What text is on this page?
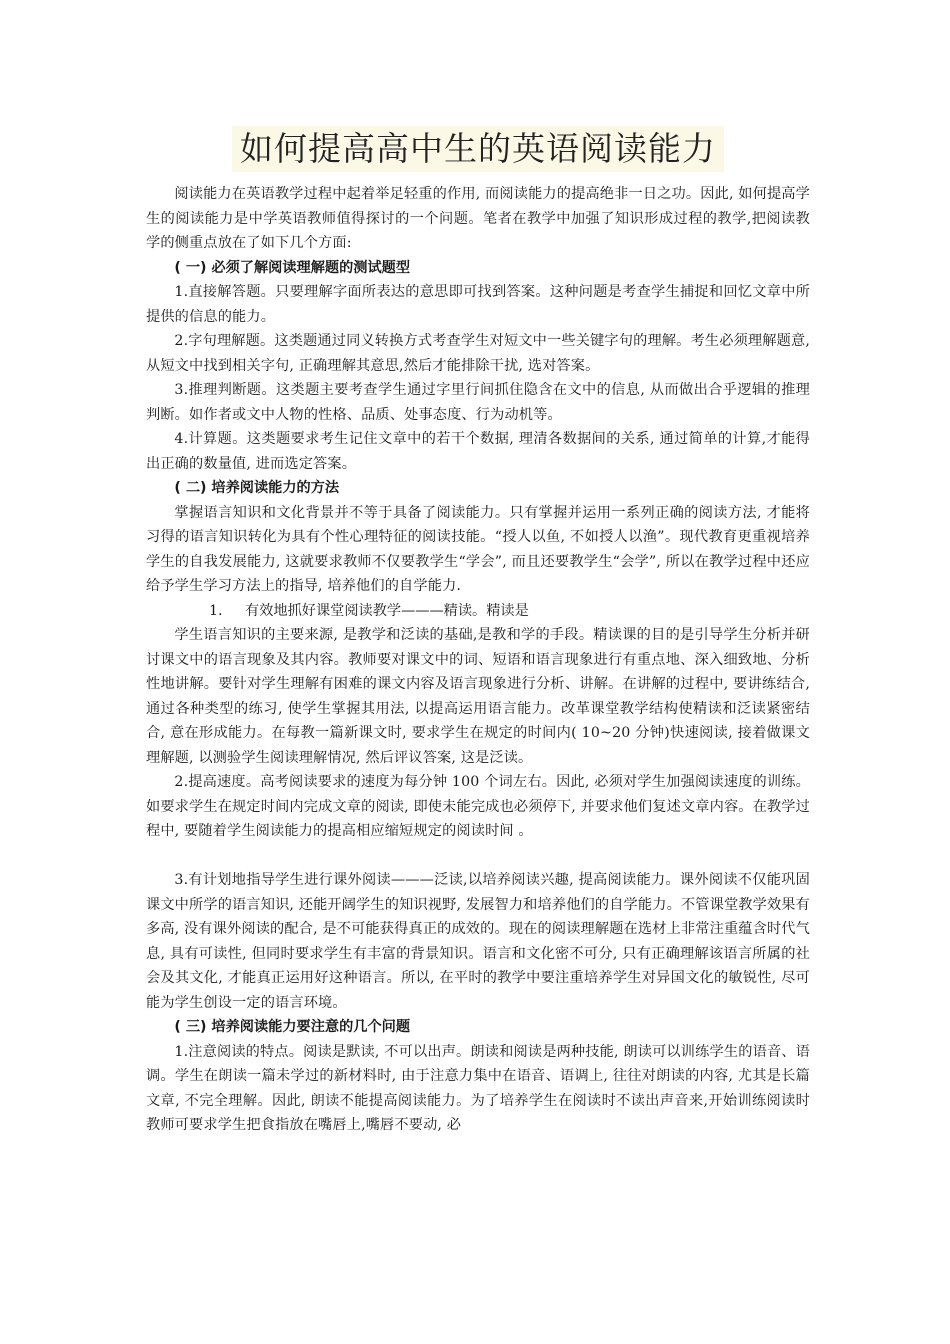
如何提高高中生的英语阅读能力

阅读能力在英语教学过程中起着举足轻重的作用, 而阅读能力的提高绝非一日之功。因此, 如何提高学生的阅读能力是中学英语教师值得探讨的一个问题。笔者在教学中加强了知识形成过程的教学,把阅读教学的侧重点放在了如下几个方面:

( 一) 必须了解阅读理解题的测试题型

1.直接解答题。只要理解字面所表达的意思即可找到答案。这种问题是考查学生捕捉和回忆文章中所提供的信息的能力。

2.字句理解题。这类题通过同义转换方式考查学生对短文中一些关键字句的理解。考生必须理解题意, 从短文中找到相关字句, 正确理解其意思,然后才能排除干扰, 选对答案。

3.推理判断题。这类题主要考查学生通过字里行间抓住隐含在文中的信息, 从而做出合乎逻辑的推理判断。如作者或文中人物的性格、品质、处事态度、行为动机等。

4.计算题。这类题要求考生记住文章中的若干个数据, 理清各数据间的关系, 通过简单的计算,才能得出正确的数量值, 进而选定答案。

( 二) 培养阅读能力的方法

掌握语言知识和文化背景并不等于具备了阅读能力。只有掌握并运用一系列正确的阅读方法, 才能将习得的语言知识转化为具有个性心理特征的阅读技能。“授人以鱼, 不如授人以渔”。现代教育更重视培养学生的自我发展能力, 这就要求教师不仅要教学生“学会”, 而且还要教学生“会学”, 所以在教学过程中还应给予学生学习方法上的指导, 培养他们的自学能力.

1. 有效地抓好课堂阅读教学———精读。精读是

学生语言知识的主要来源, 是教学和泛读的基础,是教和学的手段。精读课的目的是引导学生分析并研讨课文中的语言现象及其内容。教师要对课文中的词、短语和语言现象进行有重点地、深入细致地、分析性地讲解。要针对学生理解有困难的课文内容及语言现象进行分析、讲解。在讲解的过程中, 要讲练结合, 通过各种类型的练习, 使学生掌握其用法, 以提高运用语言能力。改革课堂教学结构使精读和泛读紧密结合, 意在形成能力。在每教一篇新课文时, 要求学生在规定的时间内( 10~20 分钟)快速阅读, 接着做课文理解题, 以测验学生阅读理解情况, 然后评议答案, 这是泛读。

2.提高速度。高考阅读要求的速度为每分钟 100 个词左右。因此, 必须对学生加强阅读速度的训练。如要求学生在规定时间内完成文章的阅读, 即使未能完成也必须停下, 并要求他们复述文章内容。在教学过程中, 要随着学生阅读能力的提高相应缩短规定的阅读时间 。

3.有计划地指导学生进行课外阅读———泛读,以培养阅读兴趣, 提高阅读能力。课外阅读不仅能巩固课文中所学的语言知识, 还能开阔学生的知识视野, 发展智力和培养他们的自学能力。不管课堂教学效果有多高, 没有课外阅读的配合, 是不可能获得真正的成效的。现在的阅读理解题在选材上非常注重蕴含时代气息, 具有可读性, 但同时要求学生有丰富的背景知识。语言和文化密不可分, 只有正确理解该语言所属的社会及其文化, 才能真正运用好这种语言。所以, 在平时的教学中要注重培养学生对异国文化的敏锐性, 尽可能为学生创设一定的语言环境。

( 三) 培养阅读能力要注意的几个问题

1.注意阅读的特点。阅读是默读, 不可以出声。朗读和阅读是两种技能, 朗读可以训练学生的语音、语调。学生在朗读一篇未学过的新材料时, 由于注意力集中在语音、语调上, 往往对朗读的内容, 尤其是长篇文章, 不完全理解。因此, 朗读不能提高阅读能力。为了培养学生在阅读时不读出声音来,开始训练阅读时教师可要求学生把食指放在嘴唇上,嘴唇不要动, 必
